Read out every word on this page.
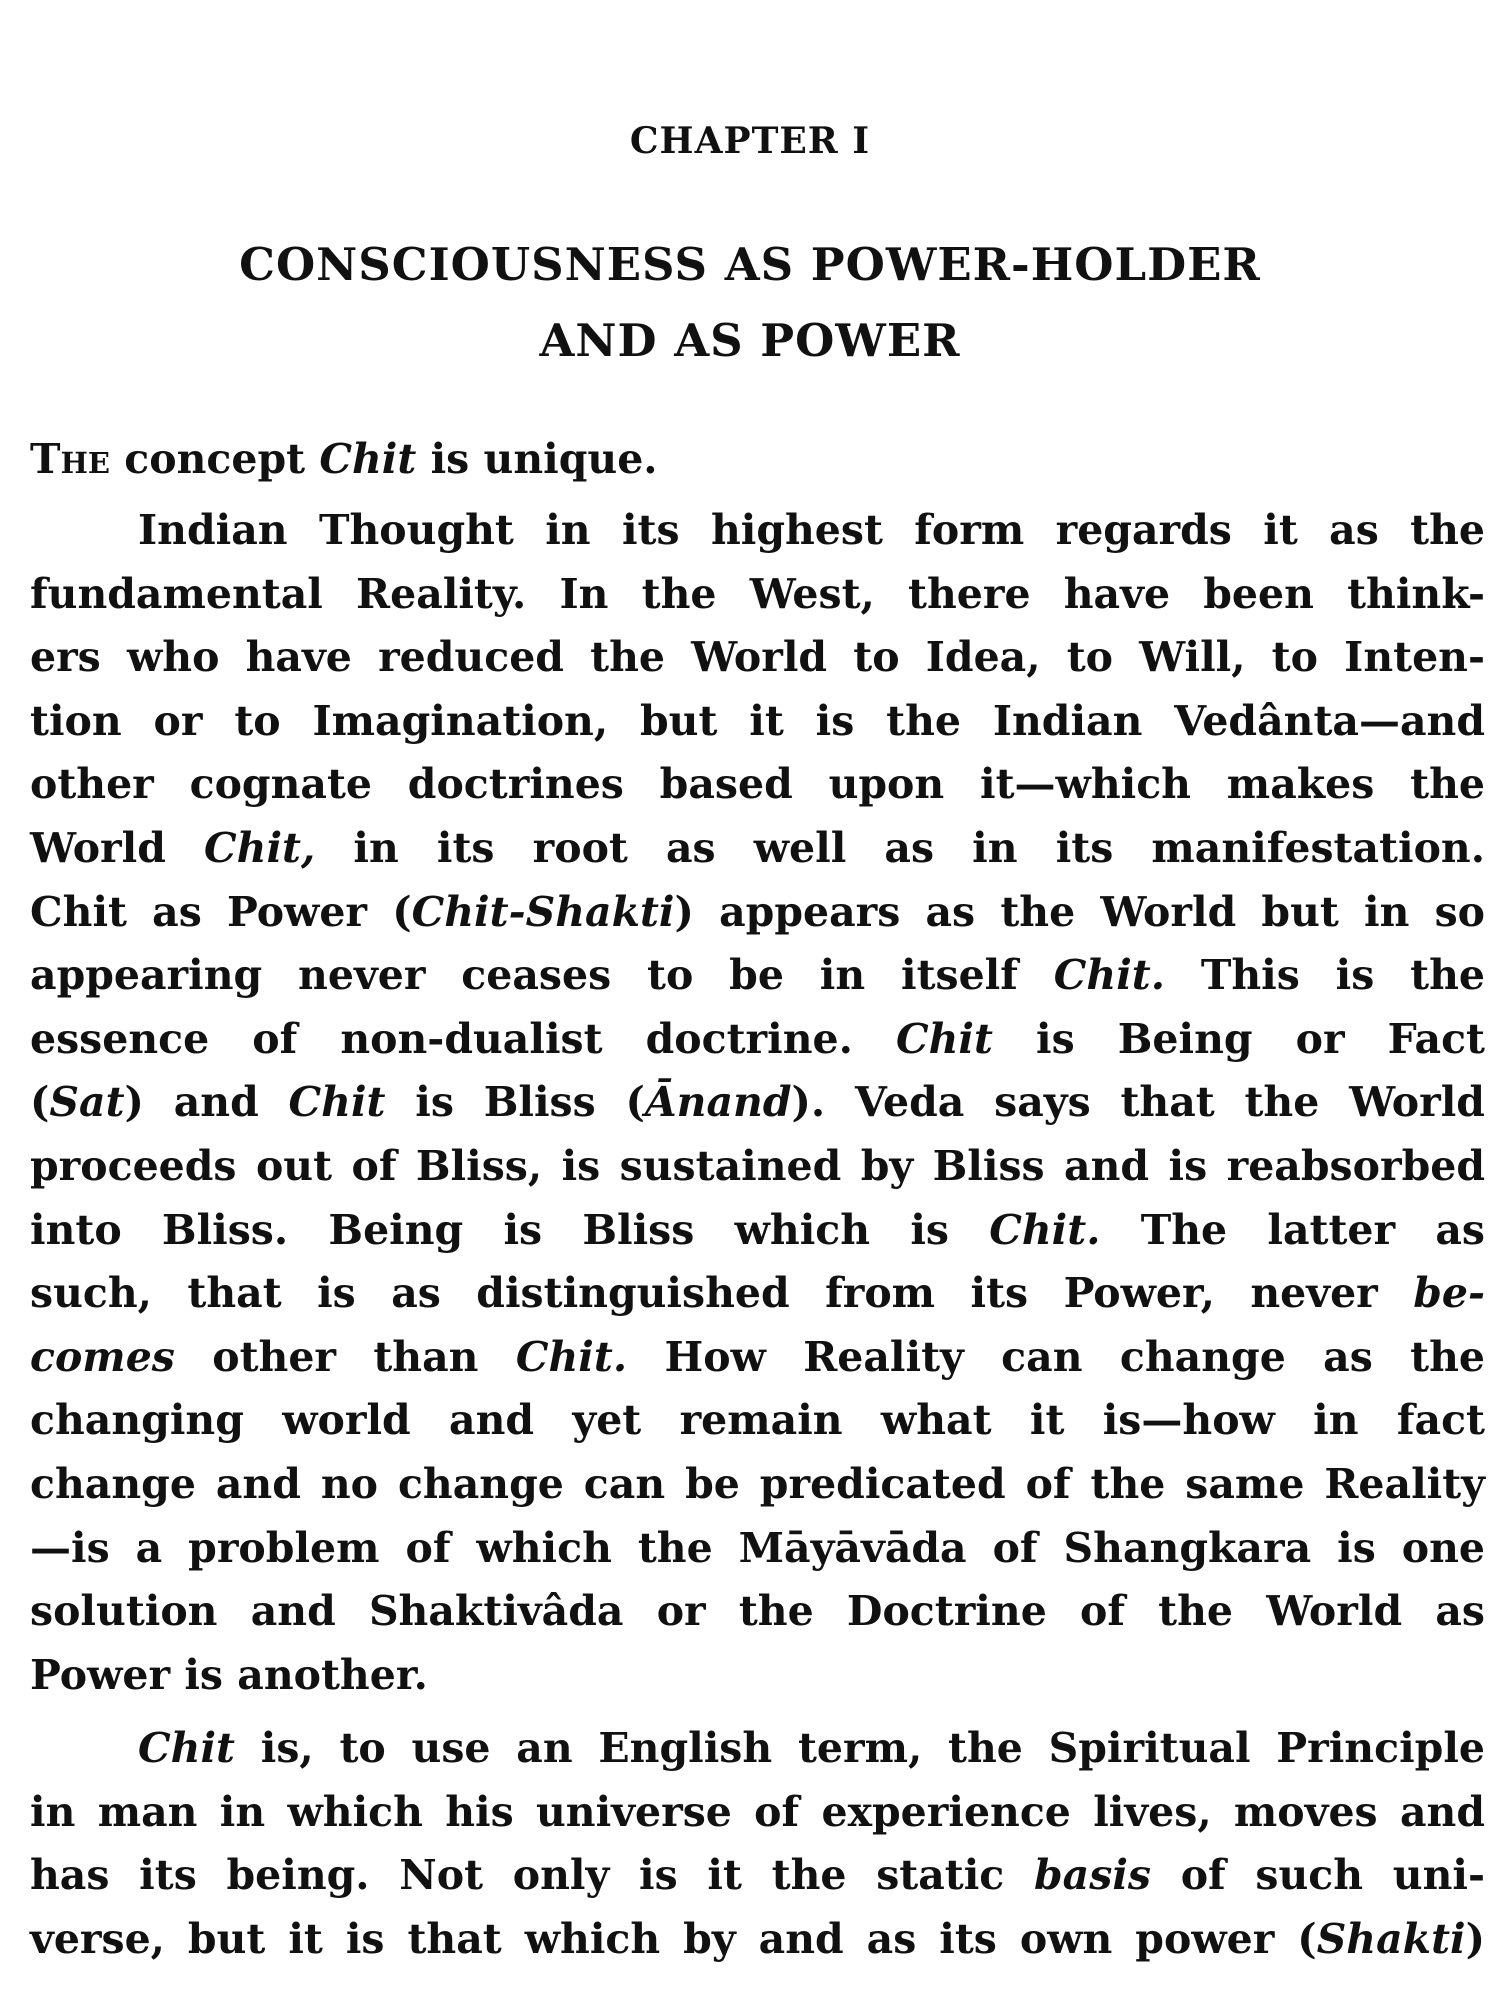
CHAPTER I
CONSCIOUSNESS AS POWER-HOLDER
AND AS POWER
The concept Chit is unique.
Indian Thought in its highest form regards it as the
fundamental Reality. In the West, there have been think-
ers who have reduced the World to Idea, to Will, to Inten-
tion or to Imagination, but it is the Indian Vedânta—and
other cognate doctrines based upon it—which makes the
World Chit, in its root as well as in its manifestation.
Chit as Power (Chit-Shakti) appears as the World but in so
appearing never ceases to be in itself Chit. This is the
essence of non-dualist doctrine. Chit is Being or Fact
(Sat) and Chit is Bliss (Ānand). Veda says that the World
proceeds out of Bliss, is sustained by Bliss and is reabsorbed
into Bliss. Being is Bliss which is Chit. The latter as
such, that is as distinguished from its Power, never be-
comes other than Chit. How Reality can change as the
changing world and yet remain what it is—how in fact
change and no change can be predicated of the same Reality
—is a problem of which the Māyāvāda of Shangkara is one
solution and Shaktivâda or the Doctrine of the World as
Power is another.
Chit is, to use an English term, the Spiritual Principle
in man in which his universe of experience lives, moves and
has its being. Not only is it the static basis of such uni-
verse, but it is that which by and as its own power (Shakti)
